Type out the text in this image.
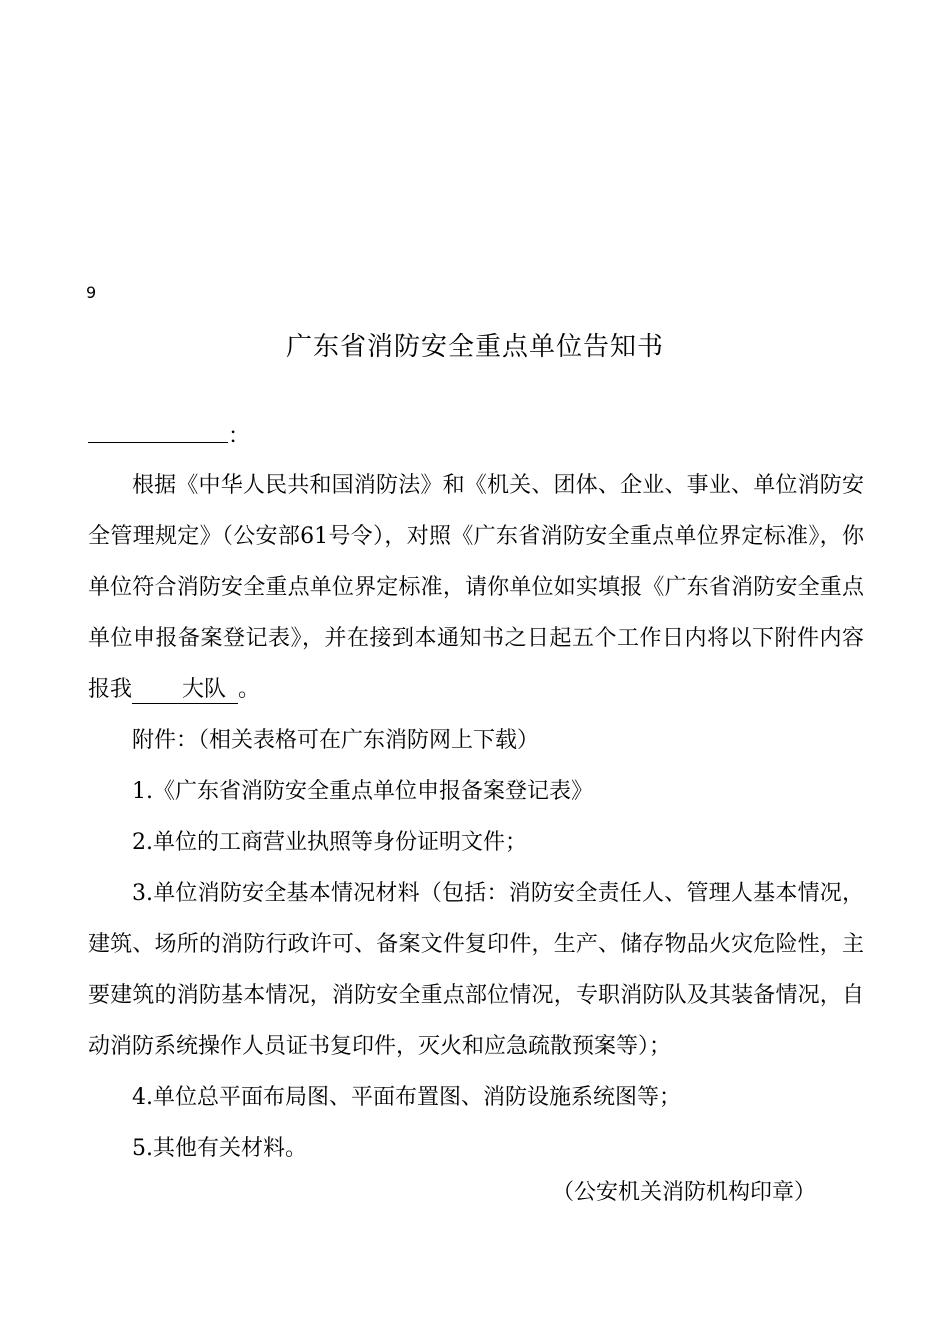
9
广东省消防安全重点单位告知书
：

根据《中华人民共和国消防法》和《机关、团体、企业、事业、单位消防安全管理规定》（公安部61号令），对照《广东省消防安全重点单位界定标准》，你单位符合消防安全重点单位界定标准，请你单位如实填报《广东省消防安全重点单位申报备案登记表》，并在接到本通知书之日起五个工作日内将以下附件内容报我 大队 。

附件：（相关表格可在广东消防网上下载）

1.《广东省消防安全重点单位申报备案登记表》

2.单位的工商营业执照等身份证明文件；

3.单位消防安全基本情况材料（包括：消防安全责任人、管理人基本情况，建筑、场所的消防行政许可、备案文件复印件，生产、储存物品火灾危险性，主要建筑的消防基本情况，消防安全重点部位情况，专职消防队及其装备情况，自动消防系统操作人员证书复印件，灭火和应急疏散预案等）；

4.单位总平面布局图、平面布置图、消防设施系统图等；

5.其他有关材料。

（公安机关消防机构印章）
